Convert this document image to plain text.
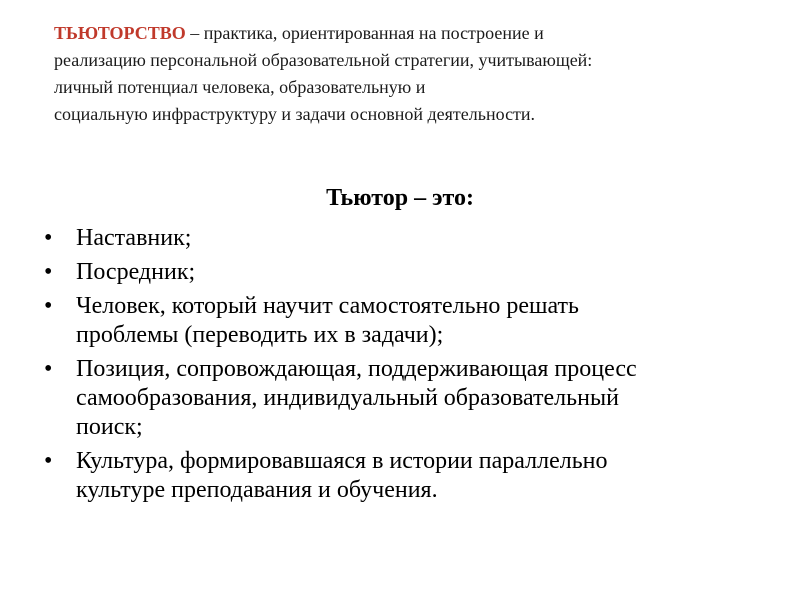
ТЬЮТОРСТВО – практика, ориентированная на построение и
реализацию персональной образовательной стратегии, учитывающей:
личный потенциал человека, образовательную и
социальную инфраструктуру и задачи основной деятельности.
Тьютор – это:
• Наставник;
• Посредник;
• Человек, который научит самостоятельно решать
проблемы (переводить их в задачи);
• Позиция, сопровождающая, поддерживающая процесс
самообразования, индивидуальный образовательный
поиск;
• Культура, формировавшаяся в истории параллельно
культуре преподавания и обучения.
